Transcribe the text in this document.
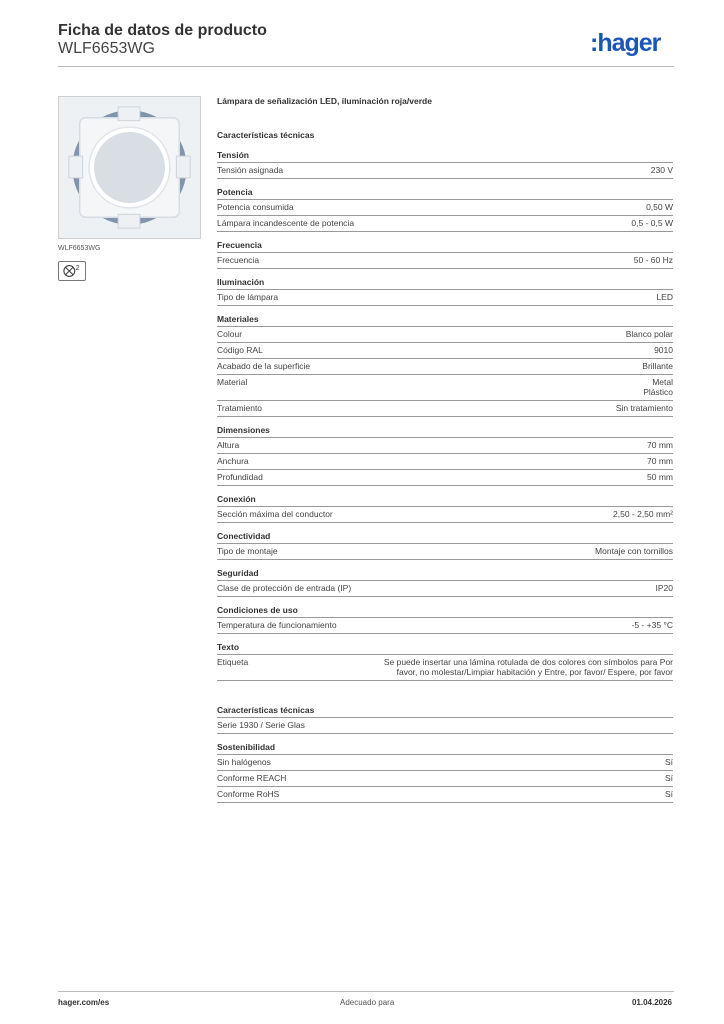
Ficha de datos de producto
WLF6653WG	:hager
WLF6653WG
2
Lámpara de señalización LED, iluminación roja/verde
Características técnicas
Tensión
Tensión asignada	230 V
Potencia
Potencia consumida	0,50 W
Lámpara incandescente de potencia	0,5 - 0,5 W
Frecuencia
Frecuencia	50 - 60 Hz
Iluminación
Tipo de lámpara	LED
Materiales
Colour	Blanco polar
Código RAL	9010
Acabado de la superficie	Brillante
Material	Metal
Plástico
Tratamiento	Sin tratamiento
Dimensiones
Altura	70 mm
Anchura	70 mm
Profundidad	50 mm
Conexión
Sección máxima del conductor	2,50 - 2,50 mm²
Conectividad
Tipo de montaje	Montaje con tornillos
Seguridad
Clase de protección de entrada (IP)	IP20
Condiciones de uso
Temperatura de funcionamiento	-5 - +35 °C
Texto
Etiqueta	Se puede insertar una lámina rotulada de dos colores con símbolos para Por favor, no molestar/Limpiar habitación y Entre, por favor/ Espere, por favor
Características técnicas
Serie 1930 / Serie Glas
Sostenibilidad
Sin halógenos	Sí
Conforme REACH	Sí
Conforme RoHS	Sí
hager.com/es	Adecuado para	01.04.2026
